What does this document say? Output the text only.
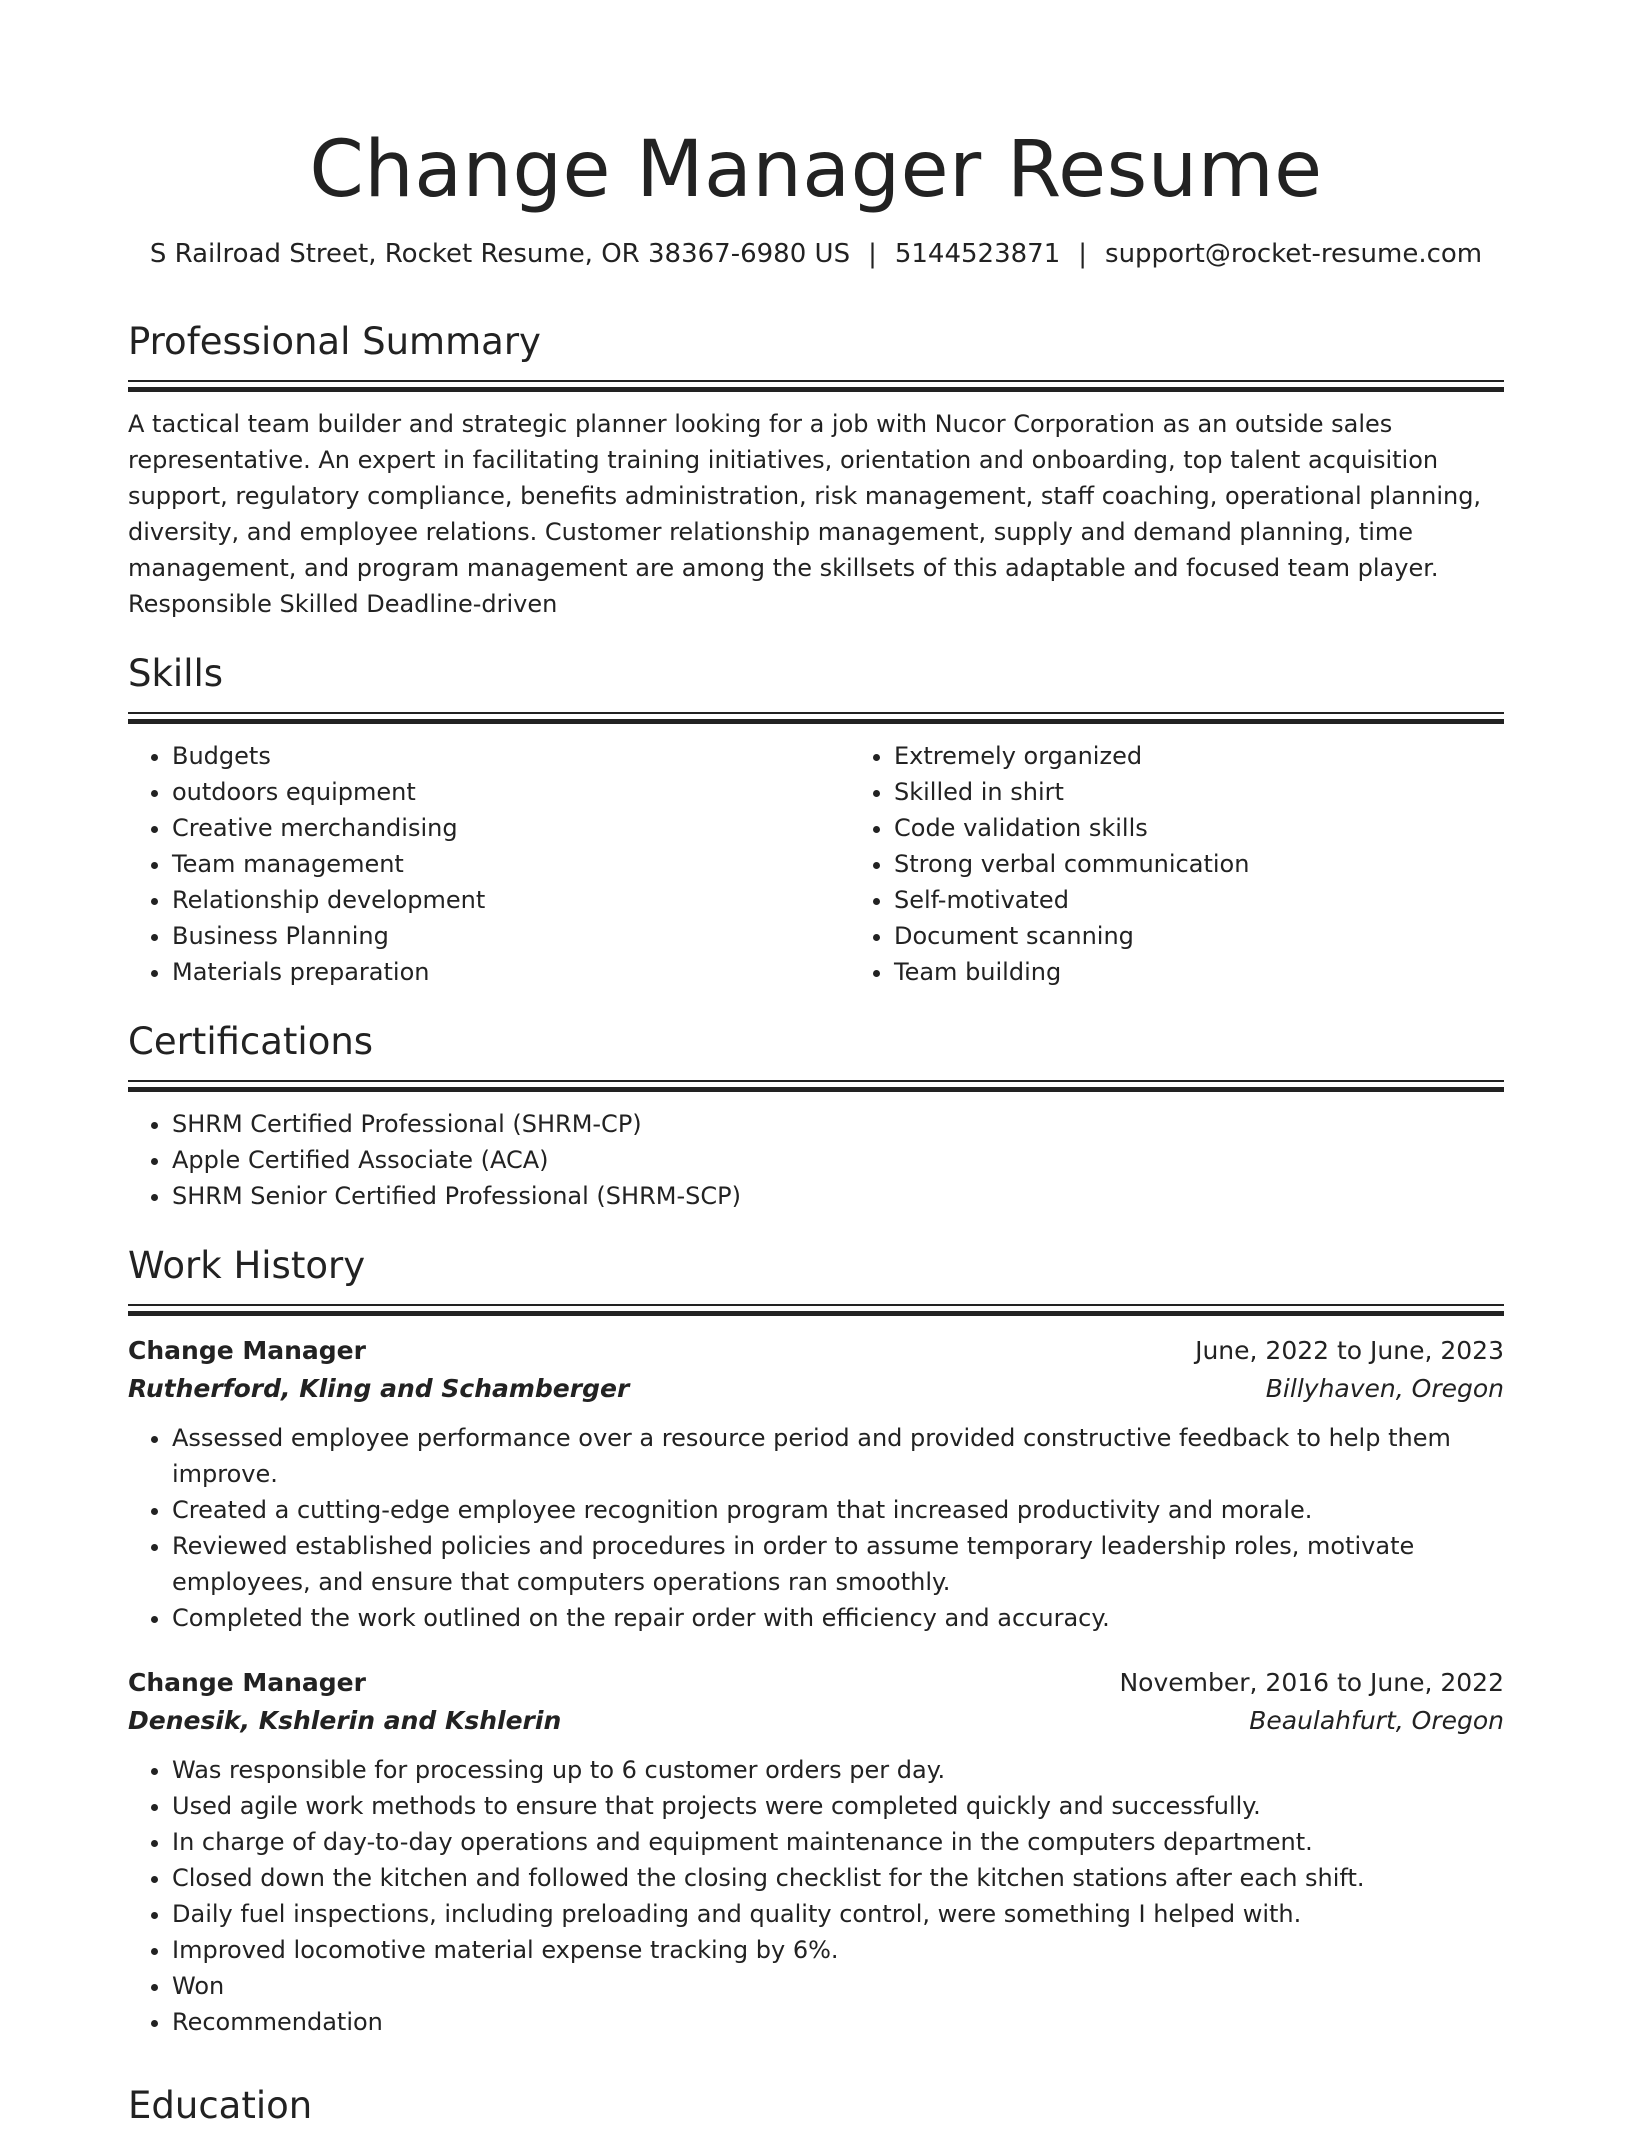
Change Manager Resume
S Railroad Street, Rocket Resume, OR 38367-6980 US | 5144523871 | support@rocket-resume.com
Professional Summary
A tactical team builder and strategic planner looking for a job with Nucor Corporation as an outside sales representative. An expert in facilitating training initiatives, orientation and onboarding, top talent acquisition support, regulatory compliance, benefits administration, risk management, staff coaching, operational planning, diversity, and employee relations. Customer relationship management, supply and demand planning, time management, and program management are among the skillsets of this adaptable and focused team player. Responsible Skilled Deadline-driven
Skills
• Budgets
• outdoors equipment
• Creative merchandising
• Team management
• Relationship development
• Business Planning
• Materials preparation
• Extremely organized
• Skilled in shirt
• Code validation skills
• Strong verbal communication
• Self-motivated
• Document scanning
• Team building
Certifications
• SHRM Certified Professional (SHRM-CP)
• Apple Certified Associate (ACA)
• SHRM Senior Certified Professional (SHRM-SCP)
Work History
Change Manager	June, 2022 to June, 2023
Rutherford, Kling and Schamberger	Billyhaven, Oregon
• Assessed employee performance over a resource period and provided constructive feedback to help them improve.
• Created a cutting-edge employee recognition program that increased productivity and morale.
• Reviewed established policies and procedures in order to assume temporary leadership roles, motivate employees, and ensure that computers operations ran smoothly.
• Completed the work outlined on the repair order with efficiency and accuracy.
Change Manager	November, 2016 to June, 2022
Denesik, Kshlerin and Kshlerin	Beaulahfurt, Oregon
• Was responsible for processing up to 6 customer orders per day.
• Used agile work methods to ensure that projects were completed quickly and successfully.
• In charge of day-to-day operations and equipment maintenance in the computers department.
• Closed down the kitchen and followed the closing checklist for the kitchen stations after each shift.
• Daily fuel inspections, including preloading and quality control, were something I helped with.
• Improved locomotive material expense tracking by 6%.
• Won
• Recommendation
Education
